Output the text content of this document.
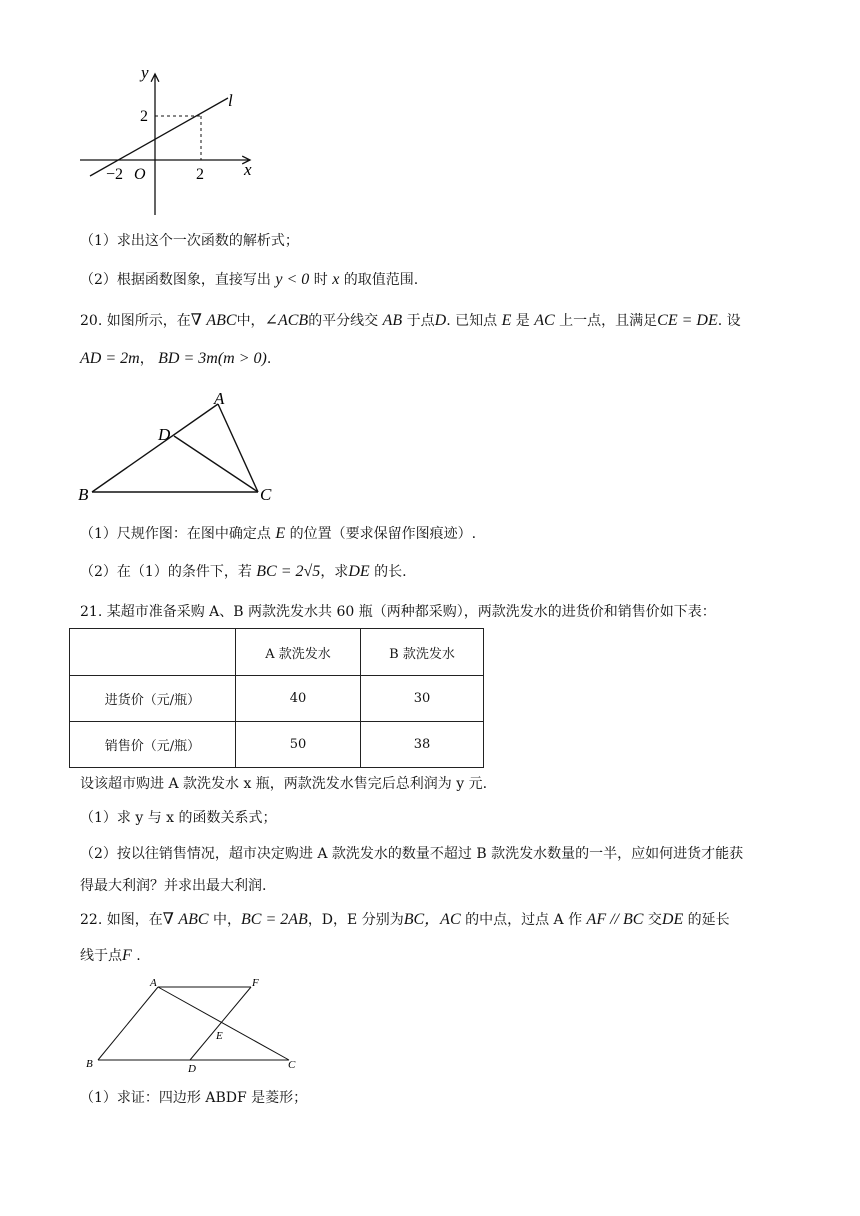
y
x
l
2
−2 O	2
（1）求出这个一次函数的解析式；
（2）根据函数图象，直接写出 y < 0 时 x 的取值范围.
20. 如图所示，在∇ ABC中，∠ACB的平分线交 AB 于点D. 已知点 E 是 AC 上一点，且满足CE = DE. 设
AD = 2m， BD = 3m(m > 0).
A
D
B	C
（1）尺规作图：在图中确定点 E 的位置（要求保留作图痕迹）.
（2）在（1）的条件下，若 BC = 2√5，求DE 的长.
21. 某超市准备采购 A、B 两款洗发水共 60 瓶（两种都采购），两款洗发水的进货价和销售价如下表：
	A 款洗发水	B 款洗发水
进货价（元/瓶）	40	30
销售价（元/瓶）	50	38
设该超市购进 A 款洗发水 x 瓶，两款洗发水售完后总利润为 y 元.
（1）求 y 与 x 的函数关系式；
（2）按以往销售情况，超市决定购进 A 款洗发水的数量不超过 B 款洗发水数量的一半，应如何进货才能获
得最大利润？并求出最大利润.
22. 如图，在∇ ABC 中，BC = 2AB，D，E 分别为BC，AC 的中点，过点 A 作 AF // BC 交DE 的延长
线于点F .
A	F
E
B	D	C
（1）求证：四边形 ABDF 是菱形；
